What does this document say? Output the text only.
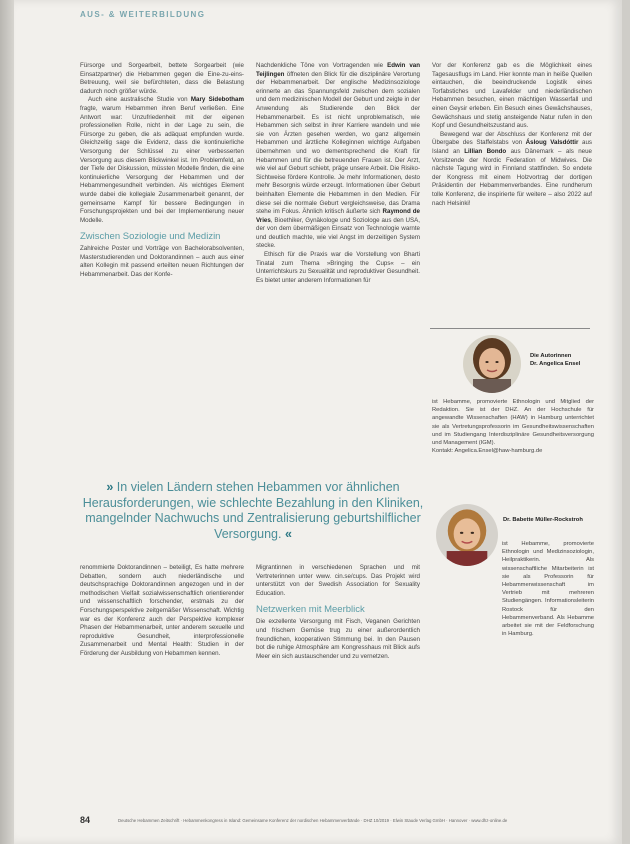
AUS- & WEITERBILDUNG

Fürsorge und Sorgearbeit, bettete Sorgearbeit (wie Einsatzpartner) die Hebammen gegen die Eine-zu-eins-Betreuung, weil sie befürchteten, dass die Belastung dadurch noch größer würde.

Auch eine australische Studie von Mary Sidebotham fragte, warum Hebammen ihren Beruf verließen. Eine Antwort war: Unzufriedenheit mit der eigenen professionellen Rolle, nicht in der Lage zu sein, die Fürsorge zu geben, die als adäquat empfunden wurde. Gleichzeitig sage die Evidenz, dass die kontinuierliche Versorgung der Schlüssel zu einer verbesserten Versorgung aus diesem Blickwinkel ist. Im Problemfeld, an der Tiefe der Diskussion, müssten Modelle finden, die eine kontinuierliche Versorgung der Hebammen und der Hebammengesundheit verbinden. Als wichtiges Element wurde dabei die kollegiale Zusammenarbeit genannt, der gemeinsame Kampf für bessere Bedingungen in Forschungsprojekten und bei der Implementierung neuer Modelle.

Zwischen Soziologie und Medizin

Zahlreiche Poster und Vorträge von Bachelorabsolventen, Masterstudierenden und Doktorandinnen – auch aus einer alten Kollegin mit passend erteilten neuen Richtungen der Hebammenarbeit. Das der Konfe-

Nachdenkliche Töne von Vortragenden wie Edwin van Teijlingen öffneten den Blick für die disziplinäre Verortung der Hebammenarbeit. Der englische Medizinsoziologe erinnerte an das Spannungsfeld zwischen dem sozialen und dem medizinischen Modell der Geburt und zeigte in der Anwendung als Studierende den Blick der Hebammenarbeit. Es ist nicht unproblematisch, wie Hebammen sich selbst in ihrer Karriere wandeln und wie sie von Ärzten gesehen werden, wo ganz allgemein Hebammen und ärztliche Kolleginnen wichtige Aufgaben übernehmen und wo dementsprechend die Kraft für Hebammen und für die betreuenden Frauen ist. Der Arzt, wie viel auf Geburt schiebt, präge unsere Arbeit. Die Risiko-Sichtweise fördere Kontrolle. Je mehr Informationen, desto mehr Besorgnis würde erzeugt. Informationen über Geburt beinhalten Elemente die Hebammen in den Medien. Für diese sei die normale Geburt vergleichsweise, das Drama stehe im Fokus. Ähnlich kritisch äußerte sich Raymond de Vries, Bioethiker, Gynäkologe und Soziologe aus den USA, der von dem übermäßigen Einsatz von Technologie warnte und deutlich machte, wie viel Angst im derzeitigen System stecke.

Ethisch für die Praxis war die Vorstellung von Bharti Tinatal zum Thema »Bringing the Cups« – ein Unterrichtskurs zu Sexualität und reproduktiver Gesundheit. Es bietet unter anderem Informationen für

Vor der Konferenz gab es die Möglichkeit eines Tagesausflugs im Land. Hier konnte man in heiße Quellen eintauchen, die beeindruckende Logistik eines Torfabstiches und Lavafelder und niederländischen Hebammen besuchen, einen mächtigen Wasserfall und einen Geysir erleben. Ein Besuch eines Gewächshauses, Gewächshaus und stetig ansteigende Natur rufen in den Kopf und Gesundheitszustand aus.

Bewegend war der Abschluss der Konferenz mit der Übergabe des Staffelstabs von Ásloug Valsdóttir aus Island an Lillian Bondo aus Dänemark – als neue Vorsitzende der Nordic Federation of Midwives. Die nächste Tagung wird in Finnland stattfinden. So endete der Kongress mit einem Holzvortrag der dortigen Präsidentin der Hebammenverbandes. Eine rundherum tolle Konferenz, die inspirierte für weitere – also 2022 auf nach Helsinki!

Die Autorinnen
Dr. Angelica Ensel
ist Hebamme, promovierte Ethnologin und Mitglied der Redaktion. Sie ist der DHZ. An der Hochschule für angewandte Wissenschaften (HAW) in Hamburg unterrichtet sie als Vertretungsprofessorin im Gesundheitswissenschaften und im Studiengang Interdisziplinäre Gesundheitsversorgung und Management (IGM).
Kontakt: Angelica.Ensel@haw-hamburg.de
Dr. Babette Müller-Rockstroh
ist Hebamme, promovierte Ethnologin und Medizinsoziologin, Heilpraktikerin. Als wissenschaftliche Mitarbeiterin ist sie als Professorin für Hebammenwissenschaft im Vertrieb mit mehreren Studiengängen. Informationsleiterin Rostock für den Hebammenverband. Als Hebamme arbeitet sie mit der Feldforschung in Hamburg.
» In vielen Ländern stehen Hebammen vor ähnlichen Herausforderungen, wie schlechte Bezahlung in den Kliniken, mangelnder Nachwuchs und Zentralisierung geburtshilflicher Versorgung. «

renommierte Doktorandinnen – beteiligt, Es hatte mehrere Debatten, sondern auch niederländische und deutschsprachige Doktorandinnen angezogen und in der methodischen Vielfalt sozialwissenschaftlich orientierender und wissenschaftlich forschender, erstmals zu der Forschungsperspektive zeitgemäßer Wissenschaft. Wichtig war es der Konferenz auch der Perspektive komplexer Phasen der Hebammenarbeit, unter anderem sexuelle und reproduktive Gesundheit, interprofessionelle Zusammenarbeit und Mental Health: Studien in der Förderung der Ausbildung von Hebammen kennen.

Migrantinnen in verschiedenen Sprachen und mit Vertreterinnen unter www. cin.se/cups. Das Projekt wird unterstützt von der Swedish Association for Sexuality Education.

Netzwerken mit Meerblick

Die exzellente Versorgung mit Fisch, Veganen Gerichten und frischem Gemüse trug zu einer außerordentlich freundlichen, kooperativen Stimmung bei. In den Pausen bot die ruhige Atmosphäre am Kongresshaus mit Blick aufs Meer ein sich austauschender und zu vernetzen.

84	Deutsche Hebammen Zeitschrift · Hebammenkongress in Island: Gemeinsame Konferenz der nordischen Hebammenverbände · DHZ 10/2019 · Elwin Staude Verlag GmbH · Hannover · www.dhz-online.de
